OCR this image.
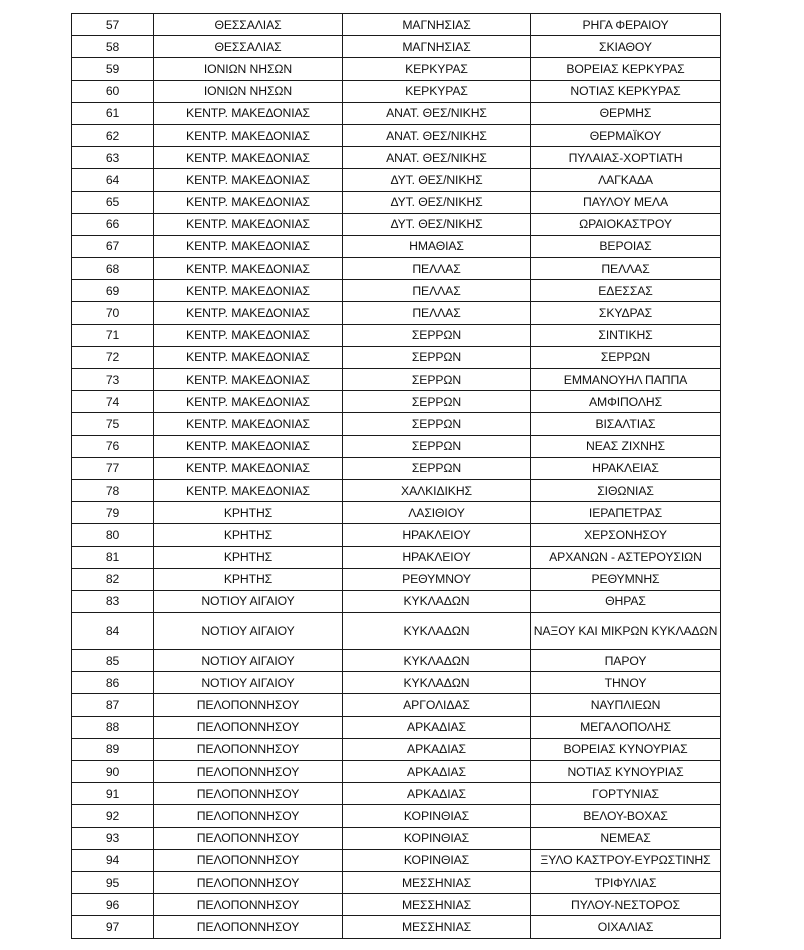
57	ΘΕΣΣΑΛΙΑΣ	ΜΑΓΝΗΣΙΑΣ	ΡΗΓΑ ΦΕΡΑΙΟΥ
58	ΘΕΣΣΑΛΙΑΣ	ΜΑΓΝΗΣΙΑΣ	ΣΚΙΑΘΟΥ
59	ΙΟΝΙΩΝ ΝΗΣΩΝ	ΚΕΡΚΥΡΑΣ	ΒΟΡΕΙΑΣ ΚΕΡΚΥΡΑΣ
60	ΙΟΝΙΩΝ ΝΗΣΩΝ	ΚΕΡΚΥΡΑΣ	ΝΟΤΙΑΣ ΚΕΡΚΥΡΑΣ
61	ΚΕΝΤΡ. ΜΑΚΕΔΟΝΙΑΣ	ΑΝΑΤ. ΘΕΣ/ΝΙΚΗΣ	ΘΕΡΜΗΣ
62	ΚΕΝΤΡ. ΜΑΚΕΔΟΝΙΑΣ	ΑΝΑΤ. ΘΕΣ/ΝΙΚΗΣ	ΘΕΡΜΑΪΚΟΥ
63	ΚΕΝΤΡ. ΜΑΚΕΔΟΝΙΑΣ	ΑΝΑΤ. ΘΕΣ/ΝΙΚΗΣ	ΠΥΛΑΙΑΣ-ΧΟΡΤΙΑΤΗ
64	ΚΕΝΤΡ. ΜΑΚΕΔΟΝΙΑΣ	ΔΥΤ. ΘΕΣ/ΝΙΚΗΣ	ΛΑΓΚΑΔΑ
65	ΚΕΝΤΡ. ΜΑΚΕΔΟΝΙΑΣ	ΔΥΤ. ΘΕΣ/ΝΙΚΗΣ	ΠΑΥΛΟΥ ΜΕΛΑ
66	ΚΕΝΤΡ. ΜΑΚΕΔΟΝΙΑΣ	ΔΥΤ. ΘΕΣ/ΝΙΚΗΣ	ΩΡΑΙΟΚΑΣΤΡΟΥ
67	ΚΕΝΤΡ. ΜΑΚΕΔΟΝΙΑΣ	ΗΜΑΘΙΑΣ	ΒΕΡΟΙΑΣ
68	ΚΕΝΤΡ. ΜΑΚΕΔΟΝΙΑΣ	ΠΕΛΛΑΣ	ΠΕΛΛΑΣ
69	ΚΕΝΤΡ. ΜΑΚΕΔΟΝΙΑΣ	ΠΕΛΛΑΣ	ΕΔΕΣΣΑΣ
70	ΚΕΝΤΡ. ΜΑΚΕΔΟΝΙΑΣ	ΠΕΛΛΑΣ	ΣΚΥΔΡΑΣ
71	ΚΕΝΤΡ. ΜΑΚΕΔΟΝΙΑΣ	ΣΕΡΡΩΝ	ΣΙΝΤΙΚΗΣ
72	ΚΕΝΤΡ. ΜΑΚΕΔΟΝΙΑΣ	ΣΕΡΡΩΝ	ΣΕΡΡΩΝ
73	ΚΕΝΤΡ. ΜΑΚΕΔΟΝΙΑΣ	ΣΕΡΡΩΝ	ΕΜΜΑΝΟΥΗΛ ΠΑΠΠΑ
74	ΚΕΝΤΡ. ΜΑΚΕΔΟΝΙΑΣ	ΣΕΡΡΩΝ	ΑΜΦΙΠΟΛΗΣ
75	ΚΕΝΤΡ. ΜΑΚΕΔΟΝΙΑΣ	ΣΕΡΡΩΝ	ΒΙΣΑΛΤΙΑΣ
76	ΚΕΝΤΡ. ΜΑΚΕΔΟΝΙΑΣ	ΣΕΡΡΩΝ	ΝΕΑΣ ΖΙΧΝΗΣ
77	ΚΕΝΤΡ. ΜΑΚΕΔΟΝΙΑΣ	ΣΕΡΡΩΝ	ΗΡΑΚΛΕΙΑΣ
78	ΚΕΝΤΡ. ΜΑΚΕΔΟΝΙΑΣ	ΧΑΛΚΙΔΙΚΗΣ	ΣΙΘΩΝΙΑΣ
79	ΚΡΗΤΗΣ	ΛΑΣΙΘΙΟΥ	ΙΕΡΑΠΕΤΡΑΣ
80	ΚΡΗΤΗΣ	ΗΡΑΚΛΕΙΟΥ	ΧΕΡΣΟΝΗΣΟΥ
81	ΚΡΗΤΗΣ	ΗΡΑΚΛΕΙΟΥ	ΑΡΧΑΝΩΝ - ΑΣΤΕΡΟΥΣΙΩΝ
82	ΚΡΗΤΗΣ	ΡΕΘΥΜΝΟΥ	ΡΕΘΥΜΝΗΣ
83	ΝΟΤΙΟΥ ΑΙΓΑΙΟΥ	ΚΥΚΛΑΔΩΝ	ΘΗΡΑΣ
84	ΝΟΤΙΟΥ ΑΙΓΑΙΟΥ	ΚΥΚΛΑΔΩΝ	ΝΑΞΟΥ ΚΑΙ ΜΙΚΡΩΝ ΚΥΚΛΑΔΩΝ
85	ΝΟΤΙΟΥ ΑΙΓΑΙΟΥ	ΚΥΚΛΑΔΩΝ	ΠΑΡΟΥ
86	ΝΟΤΙΟΥ ΑΙΓΑΙΟΥ	ΚΥΚΛΑΔΩΝ	ΤΗΝΟΥ
87	ΠΕΛΟΠΟΝΝΗΣΟΥ	ΑΡΓΟΛΙΔΑΣ	ΝΑΥΠΛΙΕΩΝ
88	ΠΕΛΟΠΟΝΝΗΣΟΥ	ΑΡΚΑΔΙΑΣ	ΜΕΓΑΛΟΠΟΛΗΣ
89	ΠΕΛΟΠΟΝΝΗΣΟΥ	ΑΡΚΑΔΙΑΣ	ΒΟΡΕΙΑΣ ΚΥΝΟΥΡΙΑΣ
90	ΠΕΛΟΠΟΝΝΗΣΟΥ	ΑΡΚΑΔΙΑΣ	ΝΟΤΙΑΣ ΚΥΝΟΥΡΙΑΣ
91	ΠΕΛΟΠΟΝΝΗΣΟΥ	ΑΡΚΑΔΙΑΣ	ΓΟΡΤΥΝΙΑΣ
92	ΠΕΛΟΠΟΝΝΗΣΟΥ	ΚΟΡΙΝΘΙΑΣ	ΒΕΛΟΥ-ΒΟΧΑΣ
93	ΠΕΛΟΠΟΝΝΗΣΟΥ	ΚΟΡΙΝΘΙΑΣ	ΝΕΜΕΑΣ
94	ΠΕΛΟΠΟΝΝΗΣΟΥ	ΚΟΡΙΝΘΙΑΣ	ΞΥΛΟ ΚΑΣΤΡΟΥ-ΕΥΡΩΣΤΙΝΗΣ
95	ΠΕΛΟΠΟΝΝΗΣΟΥ	ΜΕΣΣΗΝΙΑΣ	ΤΡΙΦΥΛΙΑΣ
96	ΠΕΛΟΠΟΝΝΗΣΟΥ	ΜΕΣΣΗΝΙΑΣ	ΠΥΛΟΥ-ΝΕΣΤΟΡΟΣ
97	ΠΕΛΟΠΟΝΝΗΣΟΥ	ΜΕΣΣΗΝΙΑΣ	ΟΙΧΑΛΙΑΣ
